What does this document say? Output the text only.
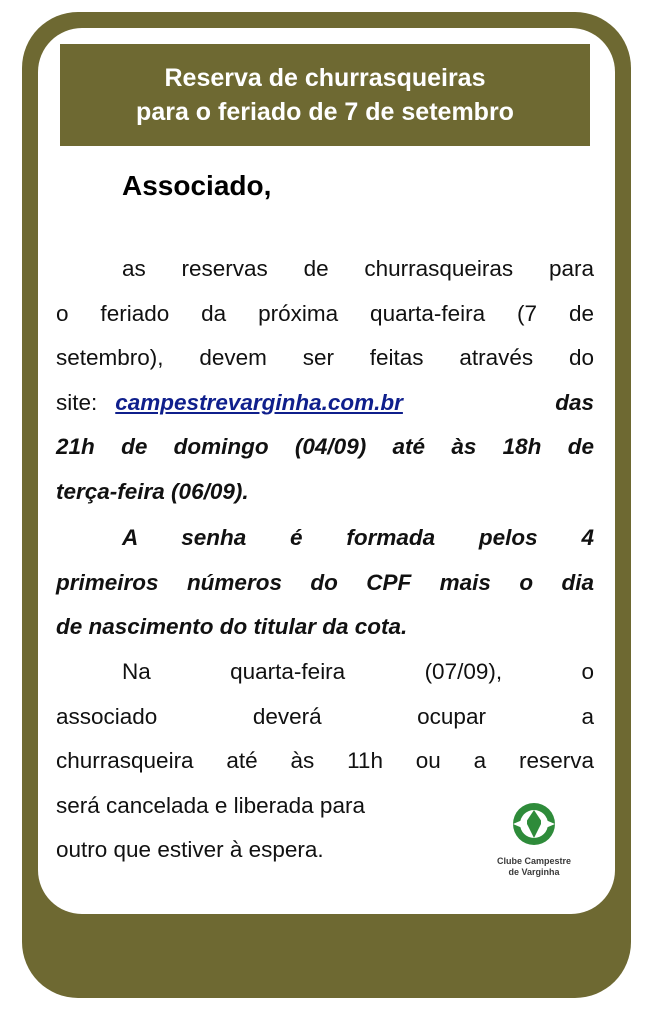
Reserva de churrasqueiras
para o feriado de 7 de setembro
Associado,
as reservas de churrasqueiras para
o feriado da próxima quarta-feira (7 de
setembro), devem ser feitas através do
site: campestrevarginha.com.br	das
21h de domingo (04/09) até às 18h de
terça-feira (06/09).
A senha é formada pelos 4
primeiros números do CPF mais o dia
de nascimento do titular da cota.
Na quarta-feira (07/09), o
associado deverá ocupar a
churrasqueira até às 11h ou a reserva
será cancelada e liberada para
outro que estiver à espera.	Clube Campestre
de Varginha
